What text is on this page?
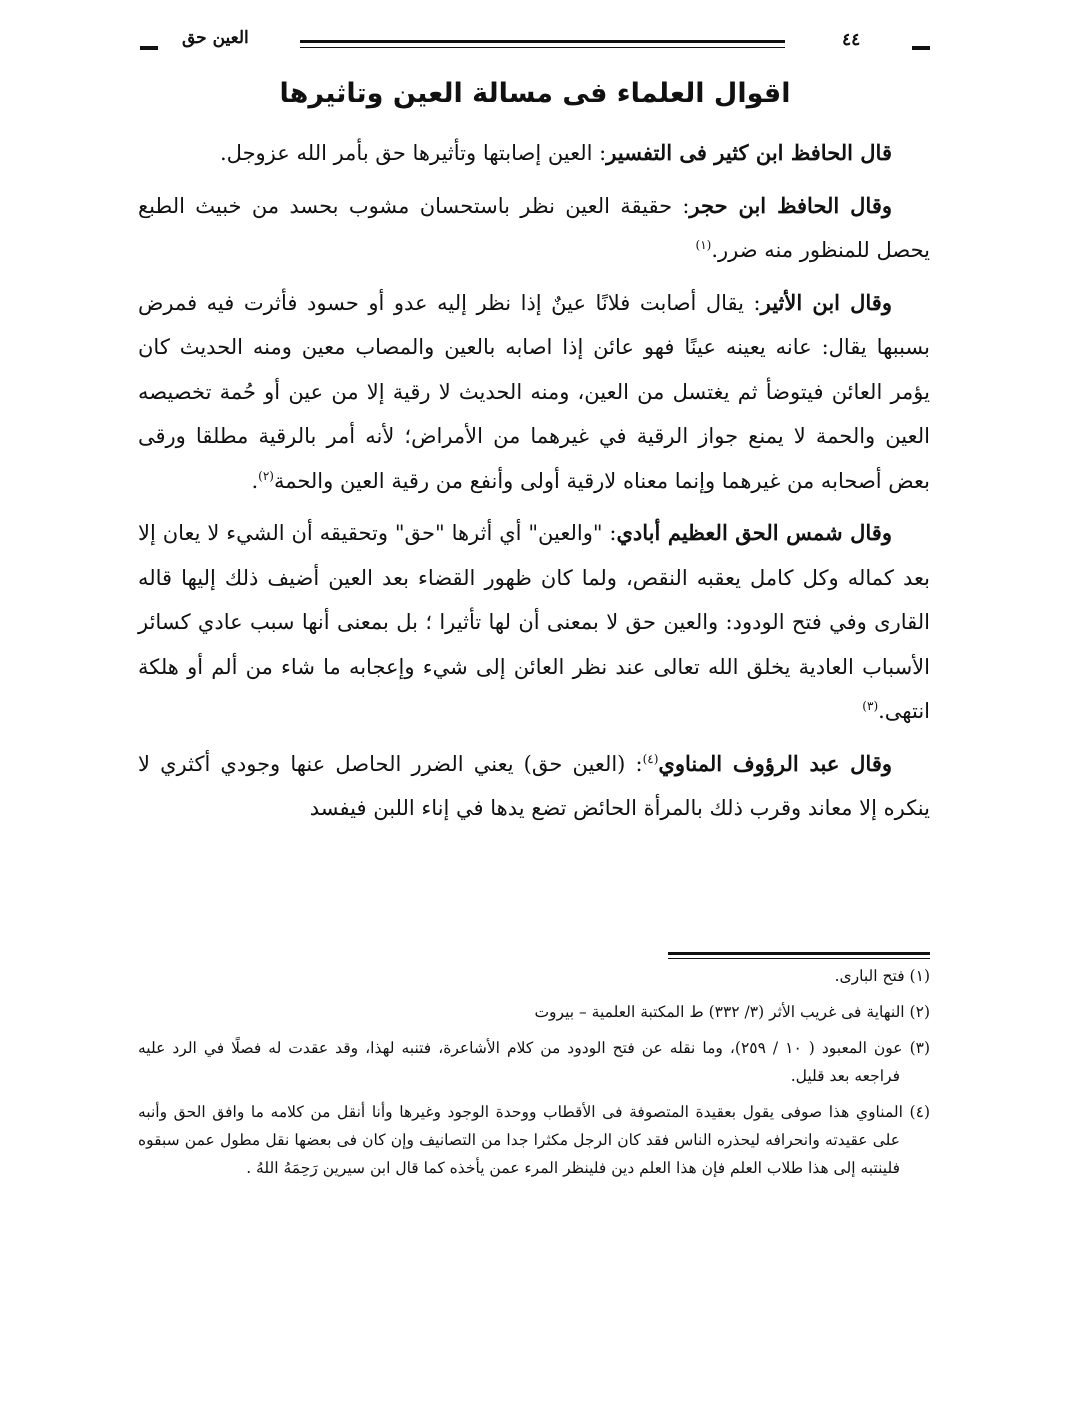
العين حق	٤٤
اقوال العلماء فى مسالة العين وتاثيرها

قال الحافظ ابن كثير فى التفسير: العين إصابتها وتأثيرها حق بأمر الله عزوجل.

وقال الحافظ ابن حجر: حقيقة العين نظر باستحسان مشوب بحسد من خبيث الطبع يحصل للمنظور منه ضرر.$^{(١)}$

وقال ابن الأثير: يقال أصابت فلانًا عينٌ إذا نظر إليه عدو أو حسود فأثرت فيه فمرض بسببها يقال: عانه يعينه عينًا فهو عائن إذا اصابه بالعين والمصاب معين ومنه الحديث كان يؤمر العائن فيتوضأ ثم يغتسل من العين، ومنه الحديث لا رقية إلا من عين أو حُمة تخصيصه العين والحمة لا يمنع جواز الرقية في غيرهما من الأمراض؛ لأنه أمر بالرقية مطلقا ورقى بعض أصحابه من غيرهما وإنما معناه لارقية أولى وأنفع من رقية العين والحمة$^{(٢)}$.

وقال شمس الحق العظيم أبادي: "والعين" أي أثرها "حق" وتحقيقه أن الشيء لا يعان إلا بعد كماله وكل كامل يعقبه النقص، ولما كان ظهور القضاء بعد العين أضيف ذلك إليها قاله القارى وفي فتح الودود: والعين حق لا بمعنى أن لها تأثيرا ؛ بل بمعنى أنها سبب عادي كسائر الأسباب العادية يخلق الله تعالى عند نظر العائن إلى شيء وإعجابه ما شاء من ألم أو هلكة انتهى.$^{(٣)}$

وقال عبد الرؤوف المناوي$^{(٤)}$: (العين حق) يعني الضرر الحاصل عنها وجودي أكثري لا ينكره إلا معاند وقرب ذلك بالمرأة الحائض تضع يدها في إناء اللبن فيفسد

(١) فتح البارى.

(٢) النهاية فى غريب الأثر (٣/ ٣٣٢) ط المكتبة العلمية – بيروت

(٣) عون المعبود ( ١٠ / ٢٥٩)، وما نقله عن فتح الودود من كلام الأشاعرة، فتنبه لهذا، وقد عقدت له فصلًا في الرد عليه فراجعه بعد قليل.

(٤) المناوي هذا صوفى يقول بعقيدة المتصوفة فى الأقطاب ووحدة الوجود وغيرها وأنا أنقل من كلامه ما وافق الحق وأنبه على عقيدته وانحرافه ليحذره الناس فقد كان الرجل مكثرا جدا من التصانيف وإن كان فى بعضها نقل مطول عمن سبقوه فلينتبه إلى هذا طلاب العلم فإن هذا العلم دين فلينظر المرء عمن يأخذه كما قال ابن سيرين رَحِمَهُ اللهُ .
